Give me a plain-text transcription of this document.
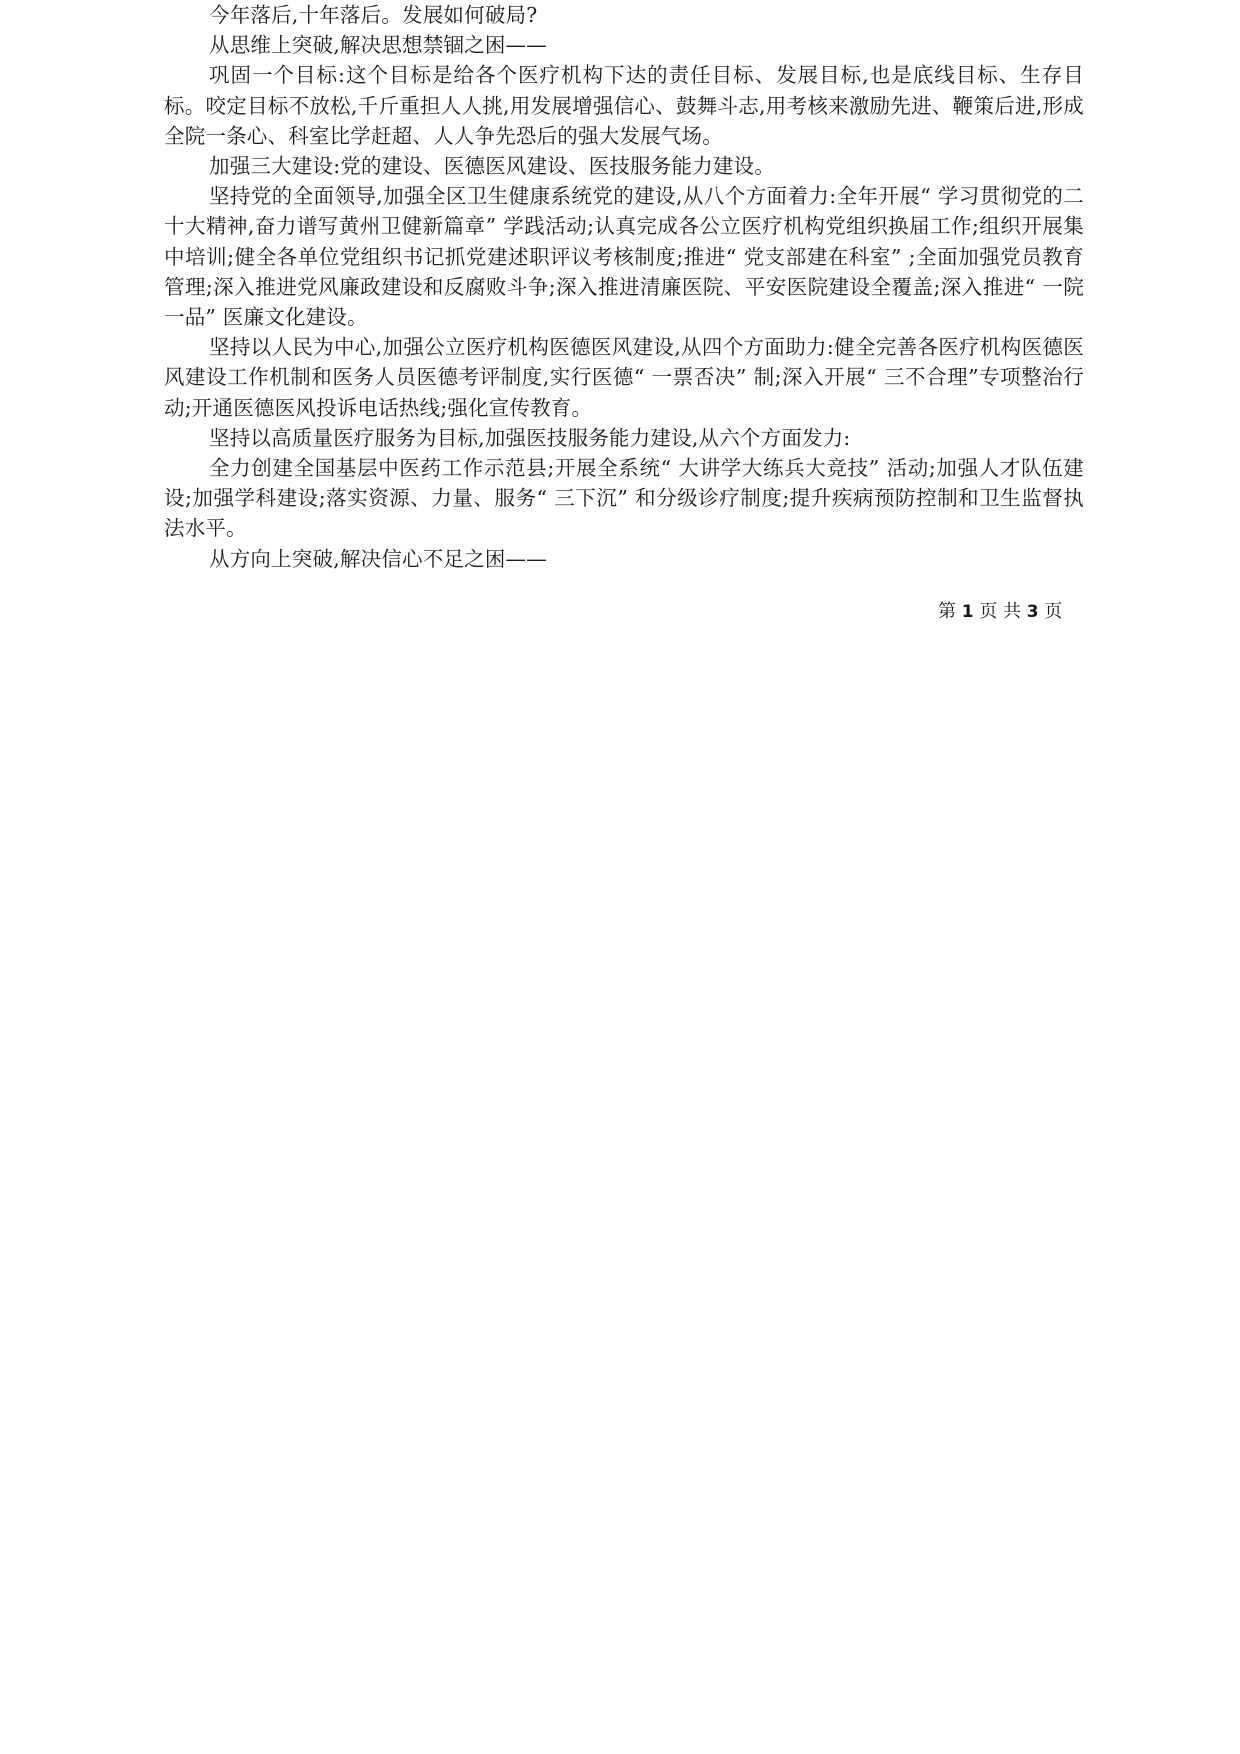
今年落后,十年落后。发展如何破局?

从思维上突破,解决思想禁锢之困——

巩固一个目标:这个目标是给各个医疗机构下达的责任目标、发展目标,也是底线目标、生存目标。咬定目标不放松,千斤重担人人挑,用发展增强信心、鼓舞斗志,用考核来激励先进、鞭策后进,形成全院一条心、科室比学赶超、人人争先恐后的强大发展气场。

加强三大建设:党的建设、医德医风建设、医技服务能力建设。

坚持党的全面领导,加强全区卫生健康系统党的建设,从八个方面着力:全年开展“ 学习贯彻党的二十大精神,奋力谱写黄州卫健新篇章” 学践活动;认真完成各公立医疗机构党组织换届工作;组织开展集中培训;健全各单位党组织书记抓党建述职评议考核制度;推进“ 党支部建在科室” ;全面加强党员教育管理;深入推进党风廉政建设和反腐败斗争;深入推进清廉医院、平安医院建设全覆盖;深入推进“ 一院一品” 医廉文化建设。

坚持以人民为中心,加强公立医疗机构医德医风建设,从四个方面助力:健全完善各医疗机构医德医风建设工作机制和医务人员医德考评制度,实行医德“ 一票否决” 制;深入开展“ 三不合理”专项整治行动;开通医德医风投诉电话热线;强化宣传教育。

坚持以高质量医疗服务为目标,加强医技服务能力建设,从六个方面发力:

全力创建全国基层中医药工作示范县;开展全系统“ 大讲学大练兵大竞技” 活动;加强人才队伍建设;加强学科建设;落实资源、力量、服务“ 三下沉” 和分级诊疗制度;提升疾病预防控制和卫生监督执法水平。

从方向上突破,解决信心不足之困——

第 1 页 共 3 页
